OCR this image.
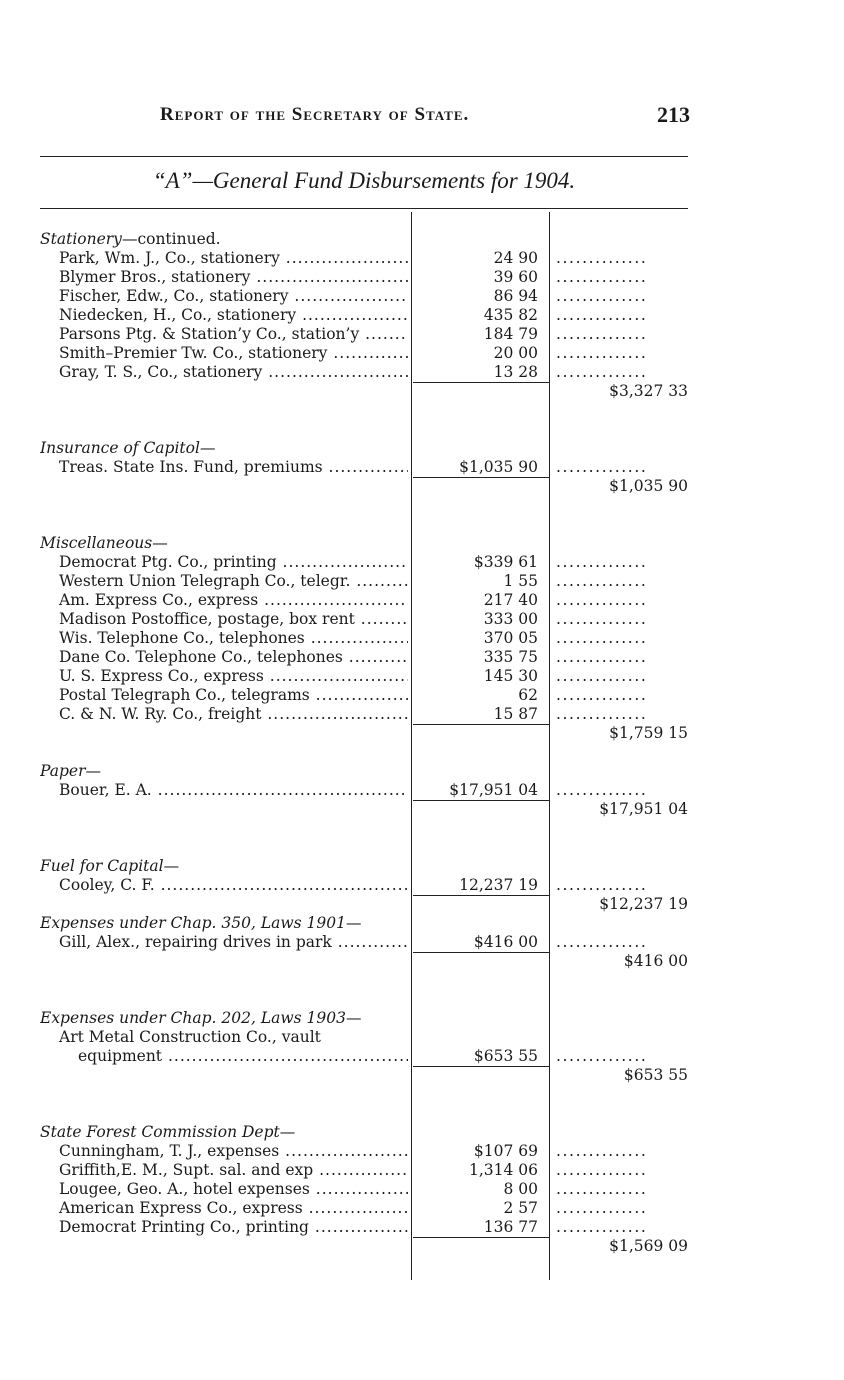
Report of the Secretary of State.	213
“A”—General Fund Disbursements for 1904.
Stationery—continued.
Park, Wm. J., Co., stationery .....	24 90 ..............
Blymer Bros., stationery .....	39 60 ..............
Fischer, Edw., Co., stationery .....	86 94 ..............
Niedecken, H., Co., stationery .....	435 82 ..............
Parsons Ptg. & Station’y Co., station’y .....	184 79 ..............
Smith–Premier Tw. Co., stationery .....	20 00 ..............
Gray, T. S., Co., stationery .....	13 28 ..............
$3,327 33
Insurance of Capitol—
Treas. State Ins. Fund, premiums .....	$1,035 90 ..............
$1,035 90
Miscellaneous—
Democrat Ptg. Co., printing .....	$339 61 ..............
Western Union Telegraph Co., telegr. .....	1 55 ..............
Am. Express Co., express .....	217 40 ..............
Madison Postoffice, postage, box rent .....	333 00 ..............
Wis. Telephone Co., telephones .....	370 05 ..............
Dane Co. Telephone Co., telephones .....	335 75 ..............
U. S. Express Co., express .....	145 30 ..............
Postal Telegraph Co., telegrams .....	62 ..............
C. & N. W. Ry. Co., freight .....	15 87 ..............
$1,759 15
Paper—
Bouer, E. A. .....	$17,951 04 ..............
$17,951 04
Fuel for Capital—
Cooley, C. F. .....	12,237 19 ..............
$12,237 19
Expenses under Chap. 350, Laws 1901—
Gill, Alex., repairing drives in park .....	$416 00 ..............
$416 00
Expenses under Chap. 202, Laws 1903—
Art Metal Construction Co., vault
equipment .....	$653 55 ..............
$653 55
State Forest Commission Dept—
Cunningham, T. J., expenses .....	$107 69 ..............
Griffith,E. M., Supt. sal. and exp .....	1,314 06 ..............
Lougee, Geo. A., hotel expenses .....	8 00 ..............
American Express Co., express .....	2 57 ..............
Democrat Printing Co., printing .....	136 77 ..............
$1,569 09
